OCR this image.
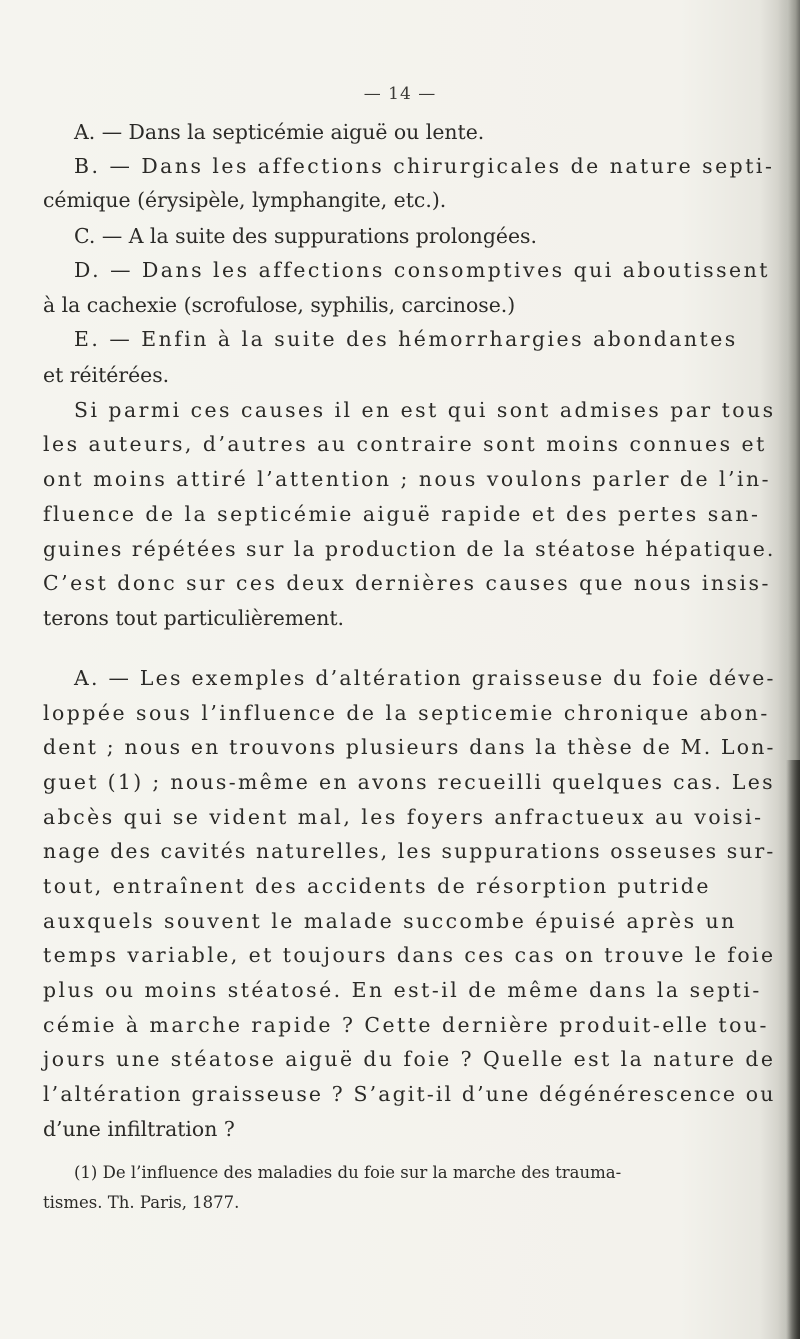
— 14 —
A. — Dans la septicémie aiguë ou lente.
B. — Dans les affections chirurgicales de nature septi-
cémique (érysipèle, lymphangite, etc.).
C. — A la suite des suppurations prolongées.
D. — Dans les affections consomptives qui aboutissent
à la cachexie (scrofulose, syphilis, carcinose.)
E. — Enfin à la suite des hémorrhargies abondantes
et réitérées.
Si parmi ces causes il en est qui sont admises par tous
les auteurs, d’autres au contraire sont moins connues et
ont moins attiré l’attention ; nous voulons parler de l’in-
fluence de la septicémie aiguë rapide et des pertes san-
guines répétées sur la production de la stéatose hépatique.
C’est donc sur ces deux dernières causes que nous insis-
terons tout particulièrement.
A. — Les exemples d’altération graisseuse du foie déve-
loppée sous l’influence de la septicemie chronique abon-
dent ; nous en trouvons plusieurs dans la thèse de M. Lon-
guet (1) ; nous-même en avons recueilli quelques cas. Les
abcès qui se vident mal, les foyers anfractueux au voisi-
nage des cavités naturelles, les suppurations osseuses sur-
tout, entraînent des accidents de résorption putride
auxquels souvent le malade succombe épuisé après un
temps variable, et toujours dans ces cas on trouve le foie
plus ou moins stéatosé. En est-il de même dans la septi-
cémie à marche rapide ? Cette dernière produit-elle tou-
jours une stéatose aiguë du foie ? Quelle est la nature de
l’altération graisseuse ? S’agit-il d’une dégénérescence ou
d’une infiltration ?
(1) De l’influence des maladies du foie sur la marche des trauma-
tismes. Th. Paris, 1877.
